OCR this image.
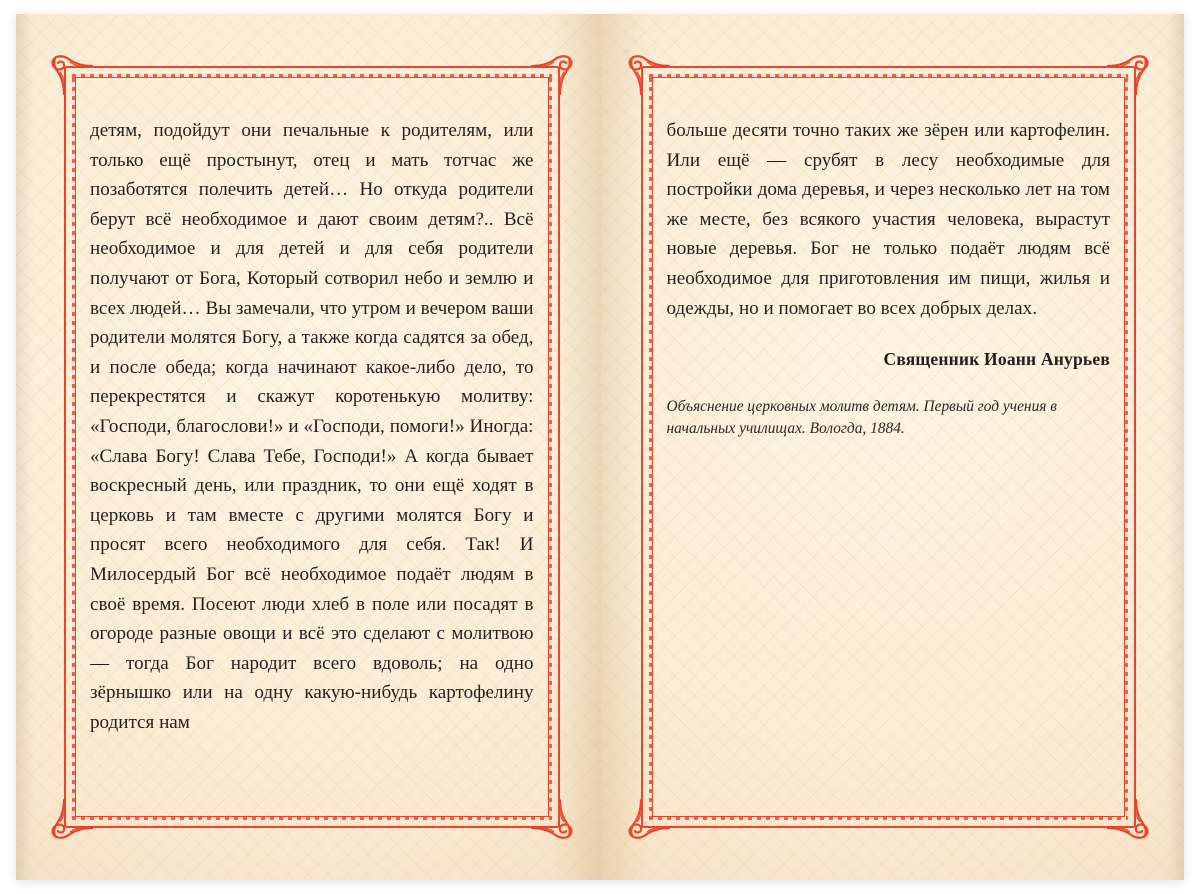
детям, подойдут они печальные к родителям, или только ещё простынут, отец и мать тотчас же позаботятся полечить детей… Но откуда родители берут всё необходимое и дают своим детям?.. Всё необходимое и для детей и для себя родители получают от Бога, Который сотворил небо и землю и всех людей… Вы замечали, что утром и вечером ваши родители молятся Богу, а также когда садятся за обед, и после обеда; когда начинают какое-либо дело, то перекрестятся и скажут коротенькую молитву: «Господи, благослови!» и «Господи, помоги!» Иногда: «Слава Богу! Слава Тебе, Господи!» А когда бывает воскресный день, или праздник, то они ещё ходят в церковь и там вместе с другими молятся Богу и просят всего необходимого для себя. Так! И Милосердый Бог всё необходимое подаёт людям в своё время. Посеют люди хлеб в поле или посадят в огороде разные овощи и всё это сделают с молитвою — тогда Бог народит всего вдоволь; на одно зёрнышко или на одну какую-нибудь картофелину родится нам

больше десяти точно таких же зёрен или картофелин. Или ещё — срубят в лесу необходимые для постройки дома деревья, и через несколько лет на том же месте, без всякого участия человека, вырастут новые деревья. Бог не только подаёт людям всё необходимое для приготовления им пищи, жилья и одежды, но и помогает во всех добрых делах.

Священник Иоанн Анурьев

Объяснение церковных молитв детям. Первый год учения в начальных училищах. Вологда, 1884.
